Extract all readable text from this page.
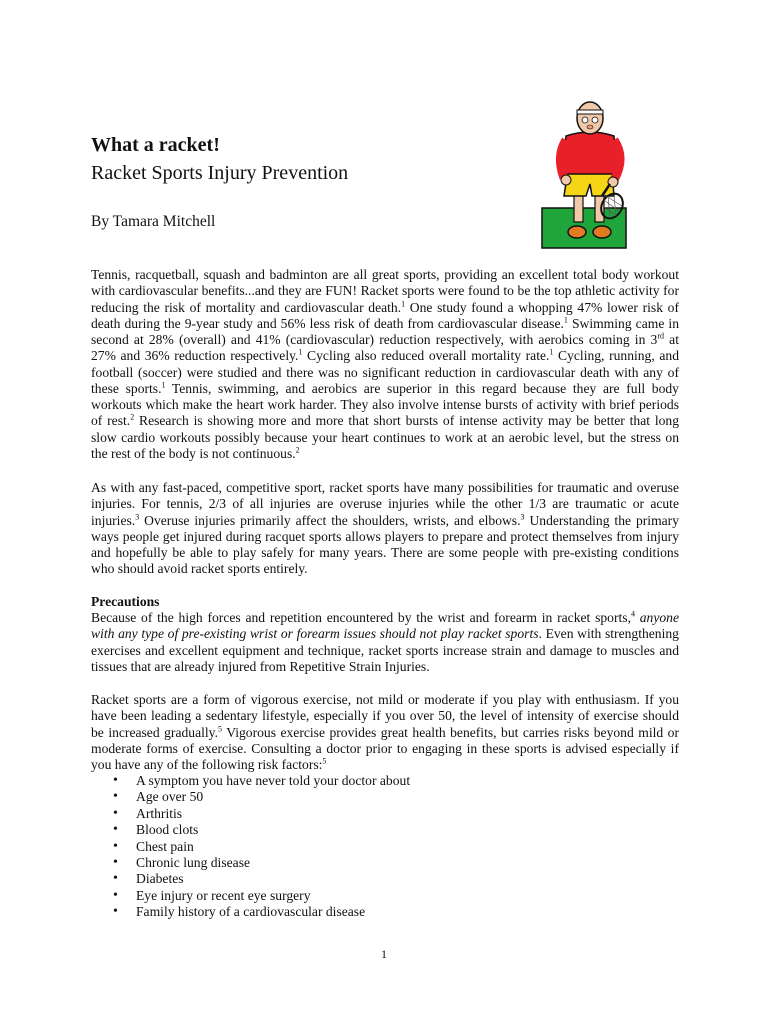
What a racket!
Racket Sports Injury Prevention

By Tamara Mitchell

Tennis, racquetball, squash and badminton are all great sports, providing an excellent total body workout with cardiovascular benefits...and they are FUN! Racket sports were found to be the top athletic activity for reducing the risk of mortality and cardiovascular death.$^1$ One study found a whopping 47% lower risk of death during the 9-year study and 56% less risk of death from cardiovascular disease.$^1$ Swimming came in second at 28% (overall) and 41% (cardiovascular) reduction respectively, with aerobics coming in 3rd at 27% and 36% reduction respectively.$^1$ Cycling also reduced overall mortality rate.$^1$ Cycling, running, and football (soccer) were studied and there was no significant reduction in cardiovascular death with any of these sports.$^1$ Tennis, swimming, and aerobics are superior in this regard because they are full body workouts which make the heart work harder. They also involve intense bursts of activity with brief periods of rest.$^2$ Research is showing more and more that short bursts of intense activity may be better that long slow cardio workouts possibly because your heart continues to work at an aerobic level, but the stress on the rest of the body is not continuous.$^2$

As with any fast-paced, competitive sport, racket sports have many possibilities for traumatic and overuse injuries. For tennis, 2/3 of all injuries are overuse injuries while the other 1/3 are traumatic or acute injuries.$^3$ Overuse injuries primarily affect the shoulders, wrists, and elbows.$^3$ Understanding the primary ways people get injured during racquet sports allows players to prepare and protect themselves from injury and hopefully be able to play safely for many years. There are some people with pre-existing conditions who should avoid racket sports entirely.

Precautions

Because of the high forces and repetition encountered by the wrist and forearm in racket sports,$^4$ anyone with any type of pre-existing wrist or forearm issues should not play racket sports. Even with strengthening exercises and excellent equipment and technique, racket sports increase strain and damage to muscles and tissues that are already injured from Repetitive Strain Injuries.

Racket sports are a form of vigorous exercise, not mild or moderate if you play with enthusiasm. If you have been leading a sedentary lifestyle, especially if you over 50, the level of intensity of exercise should be increased gradually.$^5$ Vigorous exercise provides great health benefits, but carries risks beyond mild or moderate forms of exercise. Consulting a doctor prior to engaging in these sports is advised especially if you have any of the following risk factors:$^5$

• A symptom you have never told your doctor about
• Age over 50
• Arthritis
• Blood clots
• Chest pain
• Chronic lung disease
• Diabetes
• Eye injury or recent eye surgery
• Family history of a cardiovascular disease
1
